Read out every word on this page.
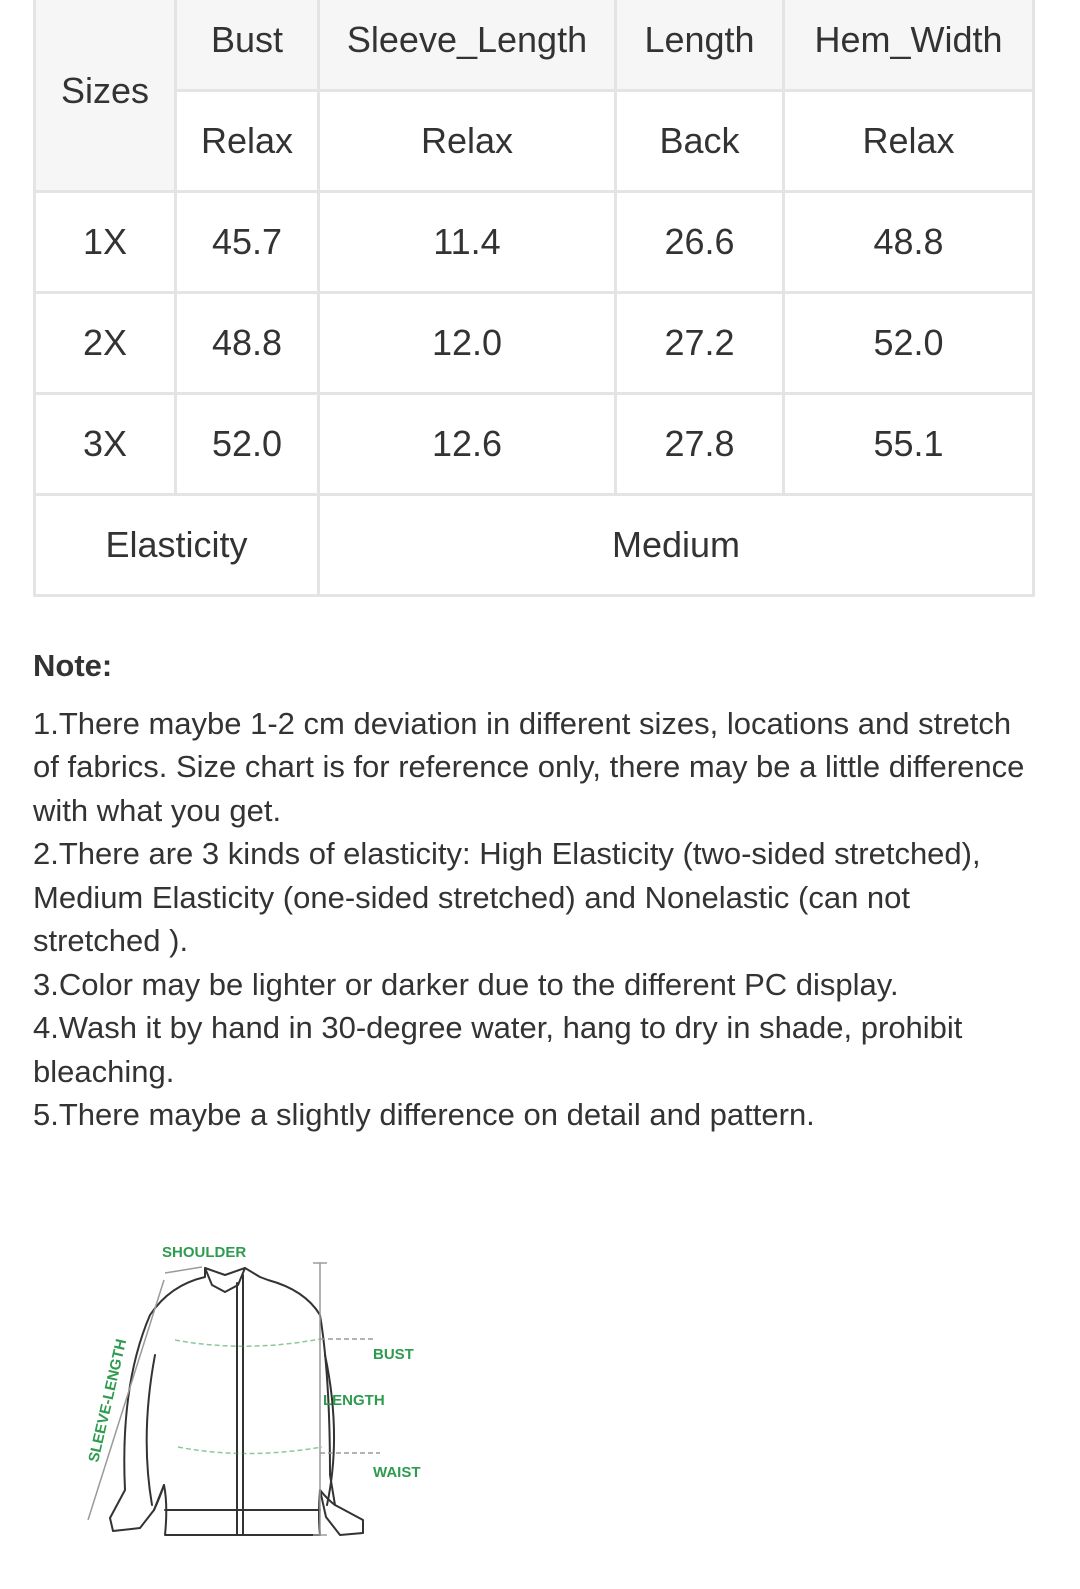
Sizes	Bust	Sleeve_Length	Length	Hem_Width
	Relax	Relax	Back	Relax
1X	45.7	11.4	26.6	48.8
2X	48.8	12.0	27.2	52.0
3X	52.0	12.6	27.8	55.1
Elasticity		Medium		
Note:
1.There maybe 1-2 cm deviation in different sizes, locations and stretch of fabrics. Size chart is for reference only, there may be a little difference with what you get.
2.There are 3 kinds of elasticity: High Elasticity (two-sided stretched), Medium Elasticity (one-sided stretched) and Nonelastic (can not stretched ).
3.Color may be lighter or darker due to the different PC display.
4.Wash it by hand in 30-degree water, hang to dry in shade, prohibit bleaching.
5.There maybe a slightly difference on detail and pattern.
SHOULDER
BUST
LENGTH
WAIST
SLEEVE-LENGTH
